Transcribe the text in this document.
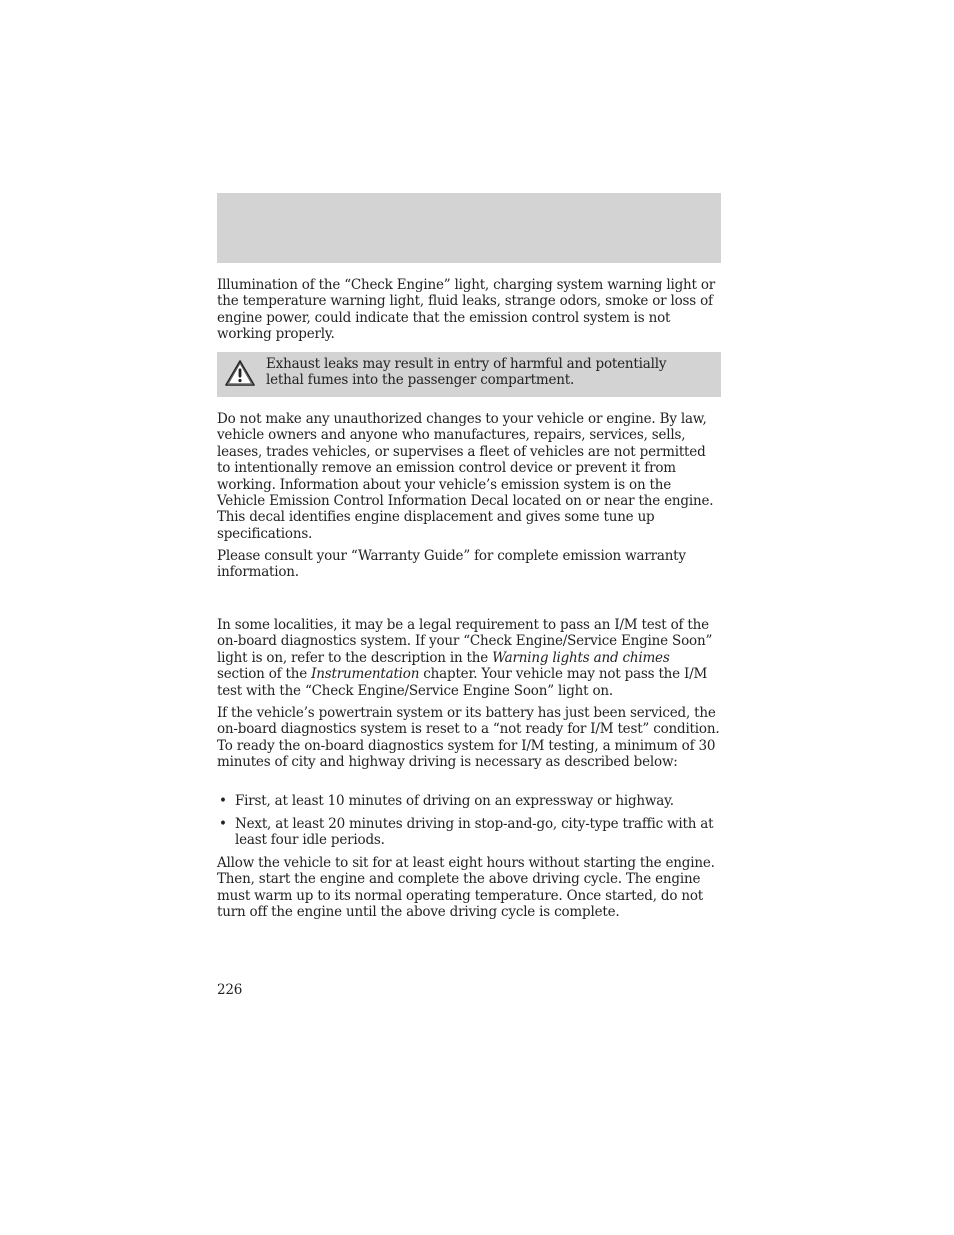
Illumination of the “Check Engine” light, charging system warning light or the temperature warning light, fluid leaks, strange odors, smoke or loss of engine power, could indicate that the emission control system is not working properly.

Exhaust leaks may result in entry of harmful and potentially lethal fumes into the passenger compartment.

Do not make any unauthorized changes to your vehicle or engine. By law, vehicle owners and anyone who manufactures, repairs, services, sells, leases, trades vehicles, or supervises a fleet of vehicles are not permitted to intentionally remove an emission control device or prevent it from working. Information about your vehicle’s emission system is on the Vehicle Emission Control Information Decal located on or near the engine. This decal identifies engine displacement and gives some tune up specifications.

Please consult your “Warranty Guide” for complete emission warranty information.

In some localities, it may be a legal requirement to pass an I/M test of the on-board diagnostics system. If your “Check Engine/Service Engine Soon” light is on, refer to the description in the Warning lights and chimes section of the Instrumentation chapter. Your vehicle may not pass the I/M test with the “Check Engine/Service Engine Soon” light on.

If the vehicle’s powertrain system or its battery has just been serviced, the on-board diagnostics system is reset to a “not ready for I/M test” condition. To ready the on-board diagnostics system for I/M testing, a minimum of 30 minutes of city and highway driving is necessary as described below:

• First, at least 10 minutes of driving on an expressway or highway.

• Next, at least 20 minutes driving in stop-and-go, city-type traffic with at least four idle periods.

Allow the vehicle to sit for at least eight hours without starting the engine. Then, start the engine and complete the above driving cycle. The engine must warm up to its normal operating temperature. Once started, do not turn off the engine until the above driving cycle is complete.

226
